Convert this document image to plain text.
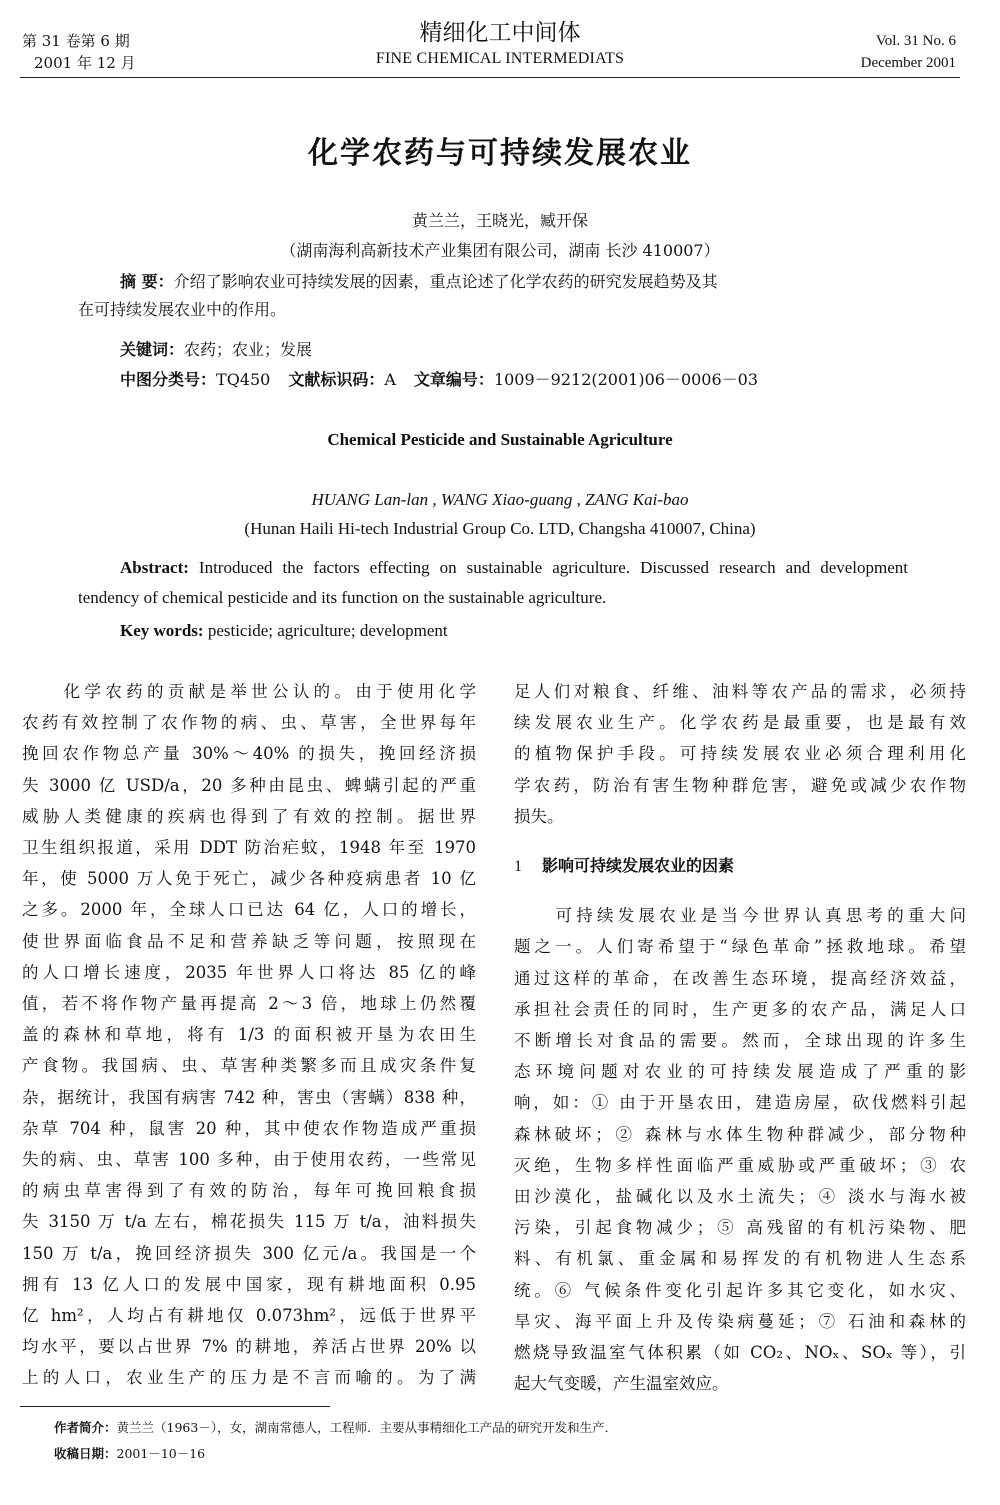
第 31 卷第 6 期
2001 年 12 月
精细化工中间体
FINE CHEMICAL INTERMEDIATS
Vol. 31 No. 6
December 2001
化学农药与可持续发展农业
黄兰兰，王晓光，臧开保
（湖南海利高新技术产业集团有限公司，湖南 长沙 410007）
摘 要：介绍了影响农业可持续发展的因素，重点论述了化学农药的研究发展趋势及其
在可持续发展农业中的作用。
关键词：农药；农业；发展
中图分类号：TQ450 文献标识码：A 文章编号：1009－9212(2001)06－0006－03
Chemical Pesticide and Sustainable Agriculture
HUANG Lan-lan , WANG Xiao-guang , ZANG Kai-bao
(Hunan Haili Hi-tech Industrial Group Co. LTD, Changsha 410007, China)
Abstract: Introduced the factors effecting on sustainable agriculture. Discussed research and development tendency of chemical pesticide and its function on the sustainable agriculture.
Key words: pesticide; agriculture; development
　　化学农药的贡献是举世公认的。由于使用化学
农药有效控制了农作物的病、虫、草害，全世界每年
挽回农作物总产量 30%～40% 的损失，挽回经济损
失 3000 亿 USD/a，20 多种由昆虫、蜱螨引起的严重
威胁人类健康的疾病也得到了有效的控制。据世界
卫生组织报道，采用 DDT 防治疟蚊，1948 年至 1970
年，使 5000 万人免于死亡，减少各种疫病患者 10 亿
之多。2000 年，全球人口已达 64 亿，人口的增长，
使世界面临食品不足和营养缺乏等问题，按照现在
的人口增长速度，2035 年世界人口将达 85 亿的峰
值，若不将作物产量再提高 2～3 倍，地球上仍然覆
盖的森林和草地，将有 1/3 的面积被开垦为农田生
产食物。我国病、虫、草害种类繁多而且成灾条件复
杂，据统计，我国有病害 742 种，害虫（害螨）838 种，
杂草 704 种，鼠害 20 种，其中使农作物造成严重损
失的病、虫、草害 100 多种，由于使用农药，一些常见
的病虫草害得到了有效的防治，每年可挽回粮食损
失 3150 万 t/a 左右，棉花损失 115 万 t/a，油料损失
150 万 t/a，挽回经济损失 300 亿元/a。我国是一个
拥有 13 亿人口的发展中国家，现有耕地面积 0.95
亿 hm²，人均占有耕地仅 0.073hm²，远低于世界平
均水平，要以占世界 7% 的耕地，养活占世界 20% 以
上的人口，农业生产的压力是不言而喻的。为了满
足人们对粮食、纤维、油料等农产品的需求，必须持
续发展农业生产。化学农药是最重要，也是最有效
的植物保护手段。可持续发展农业必须合理利用化
学农药，防治有害生物种群危害，避免或减少农作物
损失。
1 影响可持续发展农业的因素
　　可持续发展农业是当今世界认真思考的重大问
题之一。人们寄希望于“绿色革命”拯救地球。希望
通过这样的革命，在改善生态环境，提高经济效益，
承担社会责任的同时，生产更多的农产品，满足人口
不断增长对食品的需要。然而，全球出现的许多生
态环境问题对农业的可持续发展造成了严重的影
响，如：① 由于开垦农田，建造房屋，砍伐燃料引起
森林破坏；② 森林与水体生物种群减少，部分物种
灭绝，生物多样性面临严重威胁或严重破坏；③ 农
田沙漠化，盐碱化以及水土流失；④ 淡水与海水被
污染，引起食物减少；⑤ 高残留的有机污染物、肥
料、有机氯、重金属和易挥发的有机物进人生态系
统。⑥ 气候条件变化引起许多其它变化，如水灾、
旱灾、海平面上升及传染病蔓延；⑦ 石油和森林的
燃烧导致温室气体积累（如 CO₂、NOₓ、SOₓ 等），引
起大气变暖，产生温室效应。
作者简介：黄兰兰（1963－），女，湖南常德人，工程师．主要从事精细化工产品的研究开发和生产．
收稿日期：2001－10－16
